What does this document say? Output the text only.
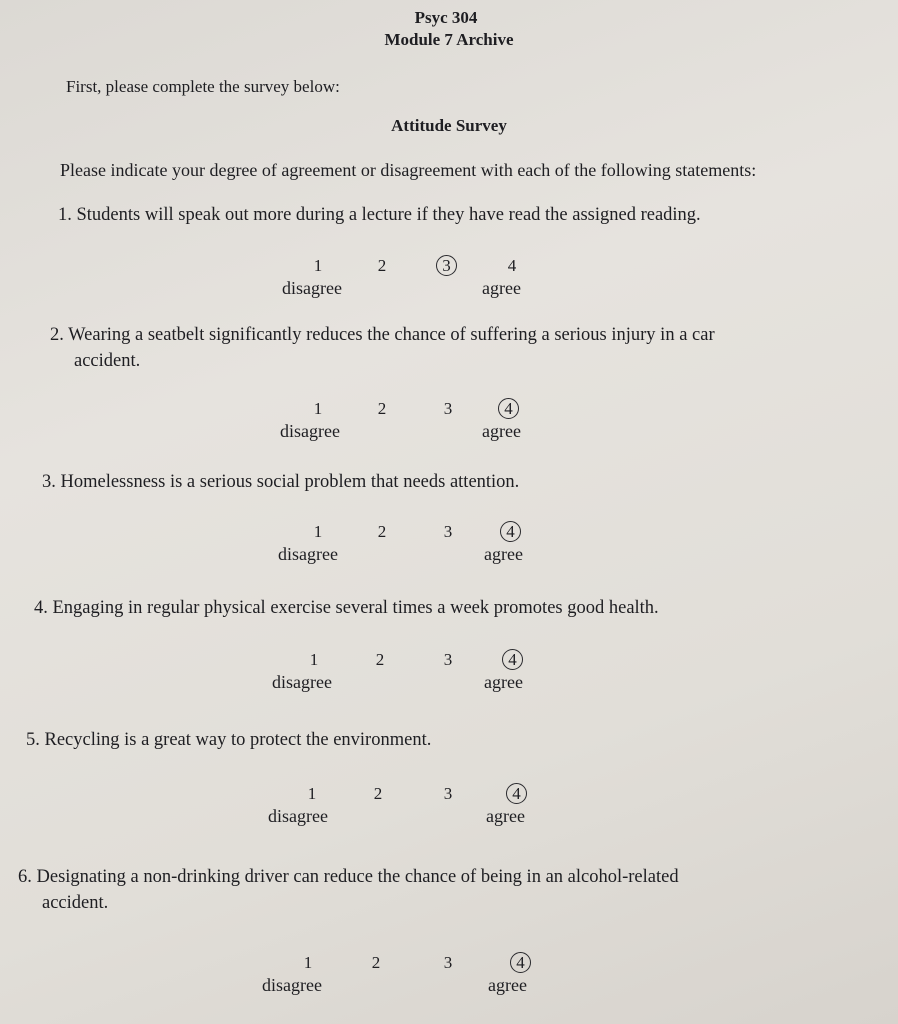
Psyc 304
Module 7 Archive
First, please complete the survey below:
Attitude Survey
Please indicate your degree of agreement or disagreement with each of the following statements:
1. Students will speak out more during a lecture if they have read the assigned reading.
1	2	3	4
disagree	agree
2. Wearing a seatbelt significantly reduces the chance of suffering a serious injury in a car
accident.
1	2	3	4
disagree	agree
3. Homelessness is a serious social problem that needs attention.
1	2	3	4
disagree	agree
4. Engaging in regular physical exercise several times a week promotes good health.
1	2	3	4
disagree	agree
5. Recycling is a great way to protect the environment.
1	2	3	4
disagree	agree
6. Designating a non-drinking driver can reduce the chance of being in an alcohol-related
accident.
1	2	3	4
disagree	agree
